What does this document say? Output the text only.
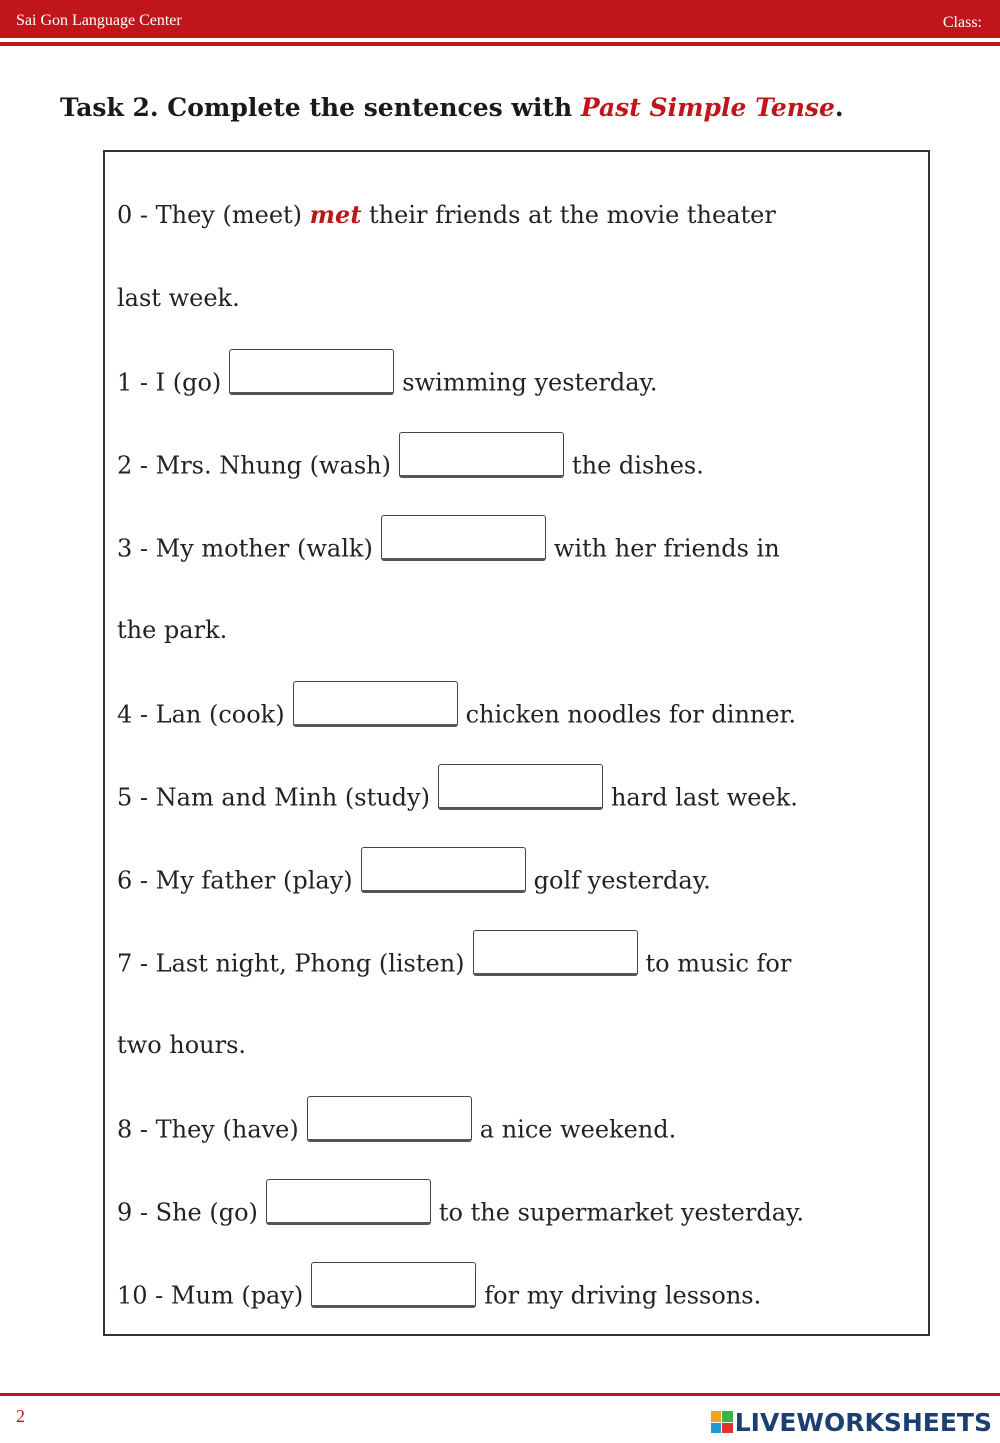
Sai Gon Language Center	Class:
Task 2. Complete the sentences with Past Simple Tense.
0 - They (meet) met their friends at the movie theater
last week.
1 - I (go)	swimming yesterday.
2 - Mrs. Nhung (wash)	the dishes.
3 - My mother (walk)	with her friends in
the park.
4 - Lan (cook)	chicken noodles for dinner.
5 - Nam and Minh (study)	hard last week.
6 - My father (play)	golf yesterday.
7 - Last night, Phong (listen)	to music for
two hours.
8 - They (have)	a nice weekend.
9 - She (go)	to the supermarket yesterday.
10 - Mum (pay)	for my driving lessons.
2	LIVEWORKSHEETS
